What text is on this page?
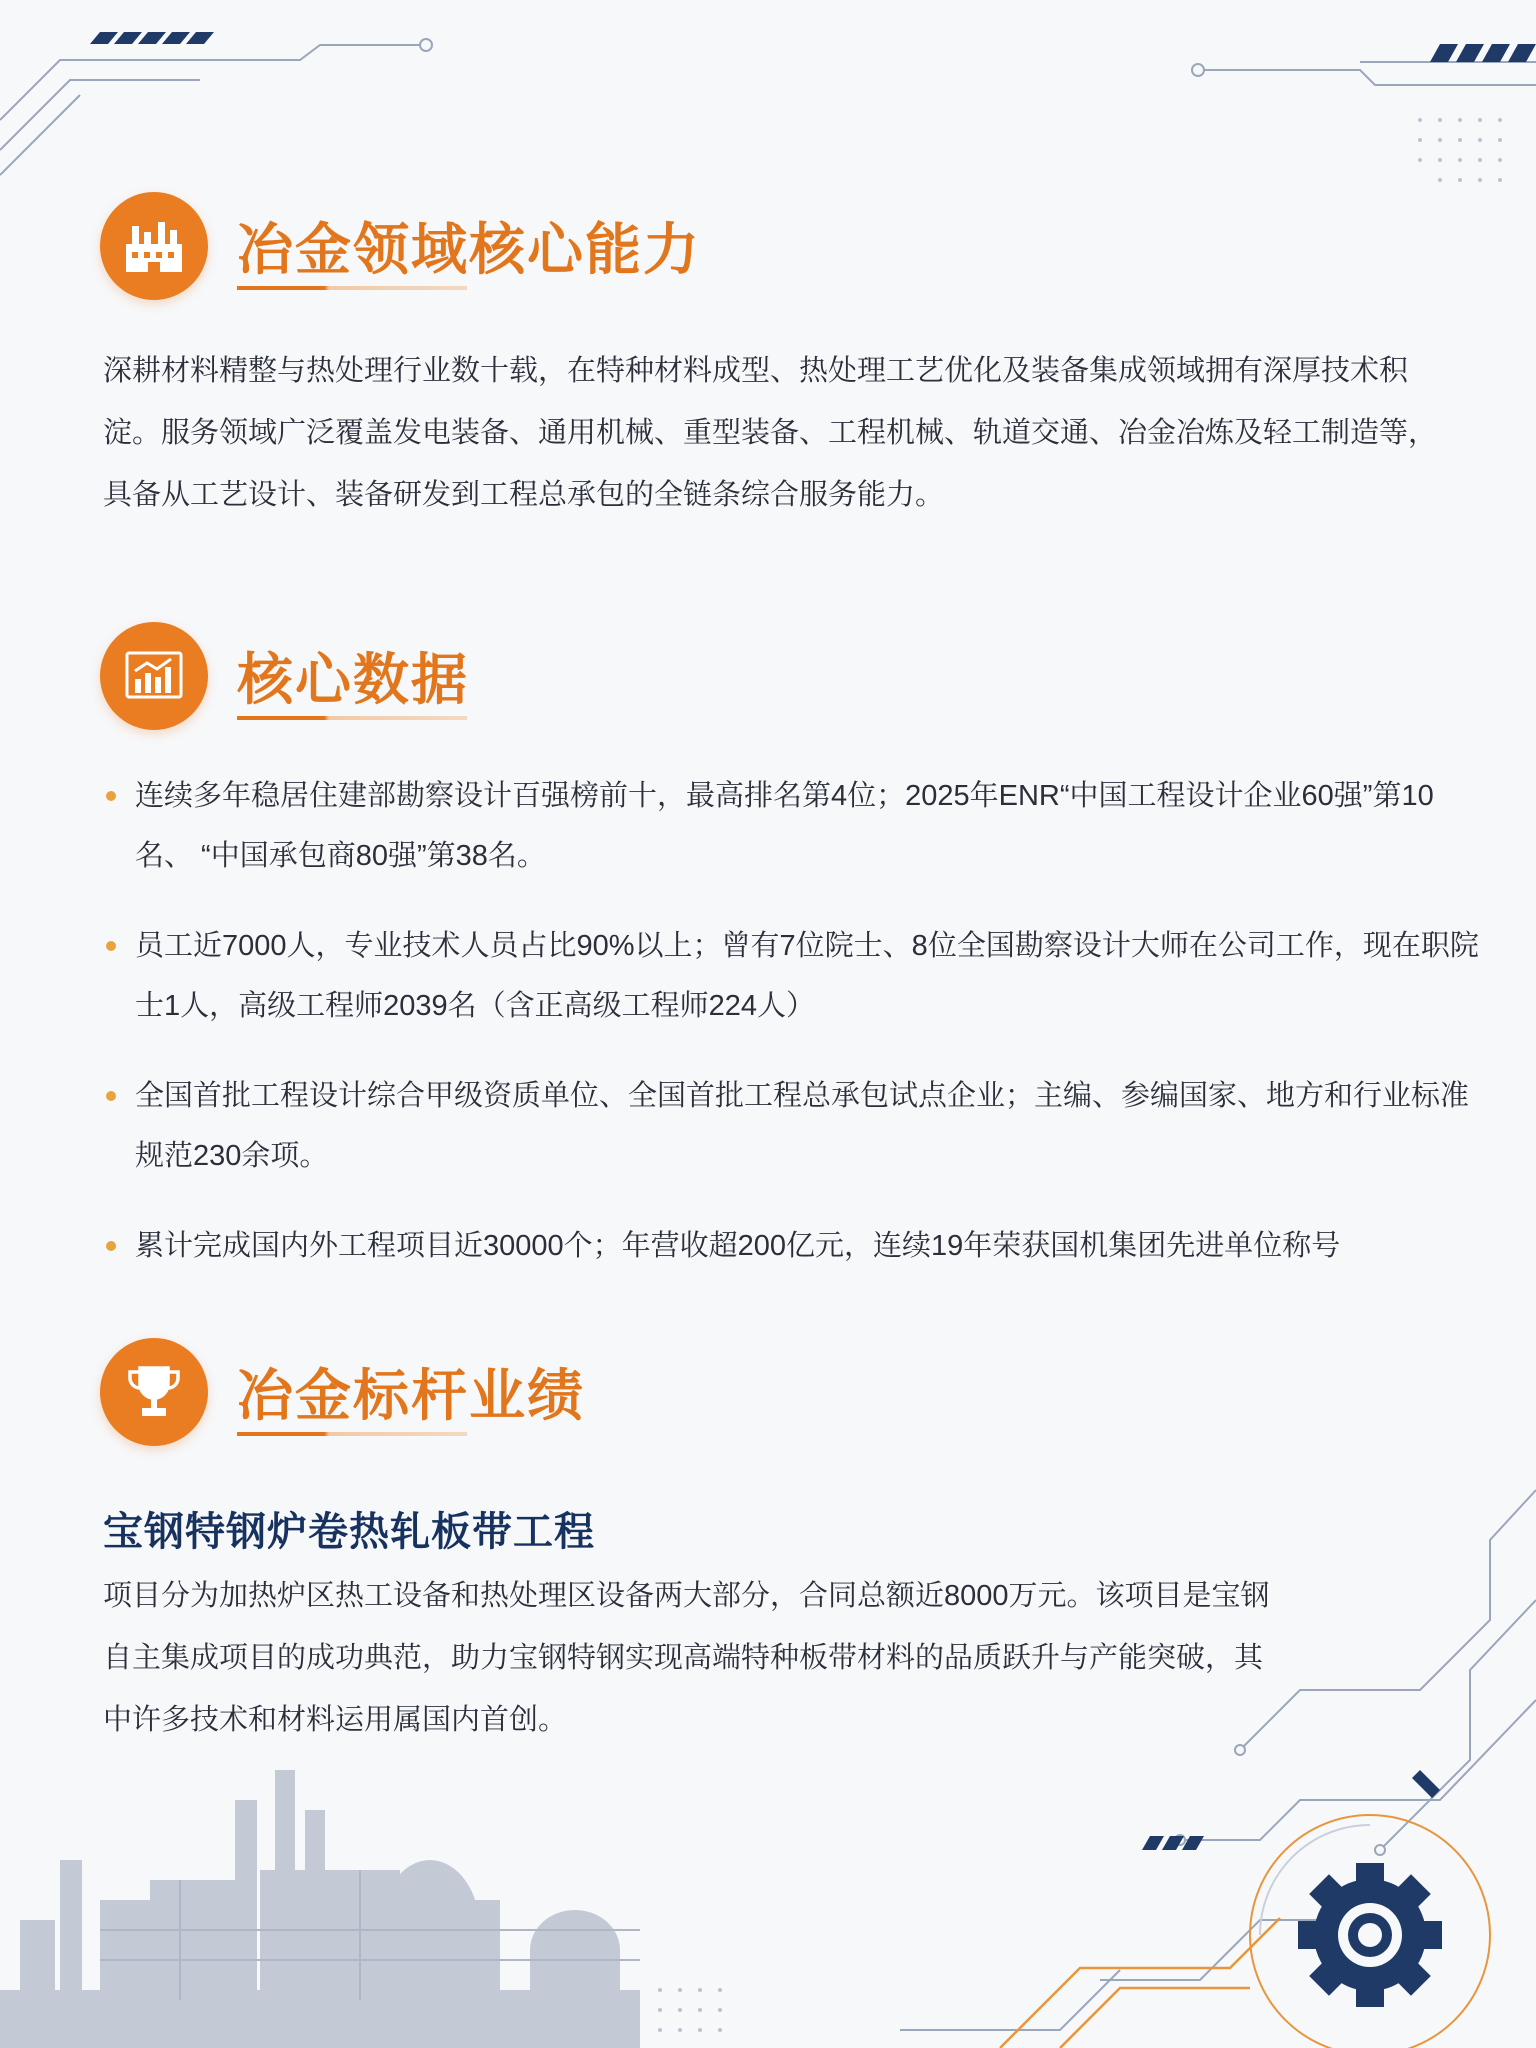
冶金领域核心能力

深耕材料精整与热处理行业数十载，在特种材料成型、热处理工艺优化及装备集成领域拥有深厚技术积淀。服务领域广泛覆盖发电装备、通用机械、重型装备、工程机械、轨道交通、冶金冶炼及轻工制造等，具备从工艺设计、装备研发到工程总承包的全链条综合服务能力。

核心数据
连续多年稳居住建部勘察设计百强榜前十，最高排名第4位；2025年ENR“中国工程设计企业60强”第10名、 “中国承包商80强”第38名。
员工近7000人，专业技术人员占比90%以上；曾有7位院士、8位全国勘察设计大师在公司工作，现在职院士1人，高级工程师2039名（含正高级工程师224人）
全国首批工程设计综合甲级资质单位、全国首批工程总承包试点企业；主编、参编国家、地方和行业标准规范230余项。
累计完成国内外工程项目近30000个；年营收超200亿元，连续19年荣获国机集团先进单位称号
冶金标杆业绩
宝钢特钢炉卷热轧板带工程

项目分为加热炉区热工设备和热处理区设备两大部分，合同总额近8000万元。该项目是宝钢自主集成项目的成功典范，助力宝钢特钢实现高端特种板带材料的品质跃升与产能突破，其中许多技术和材料运用属国内首创。
